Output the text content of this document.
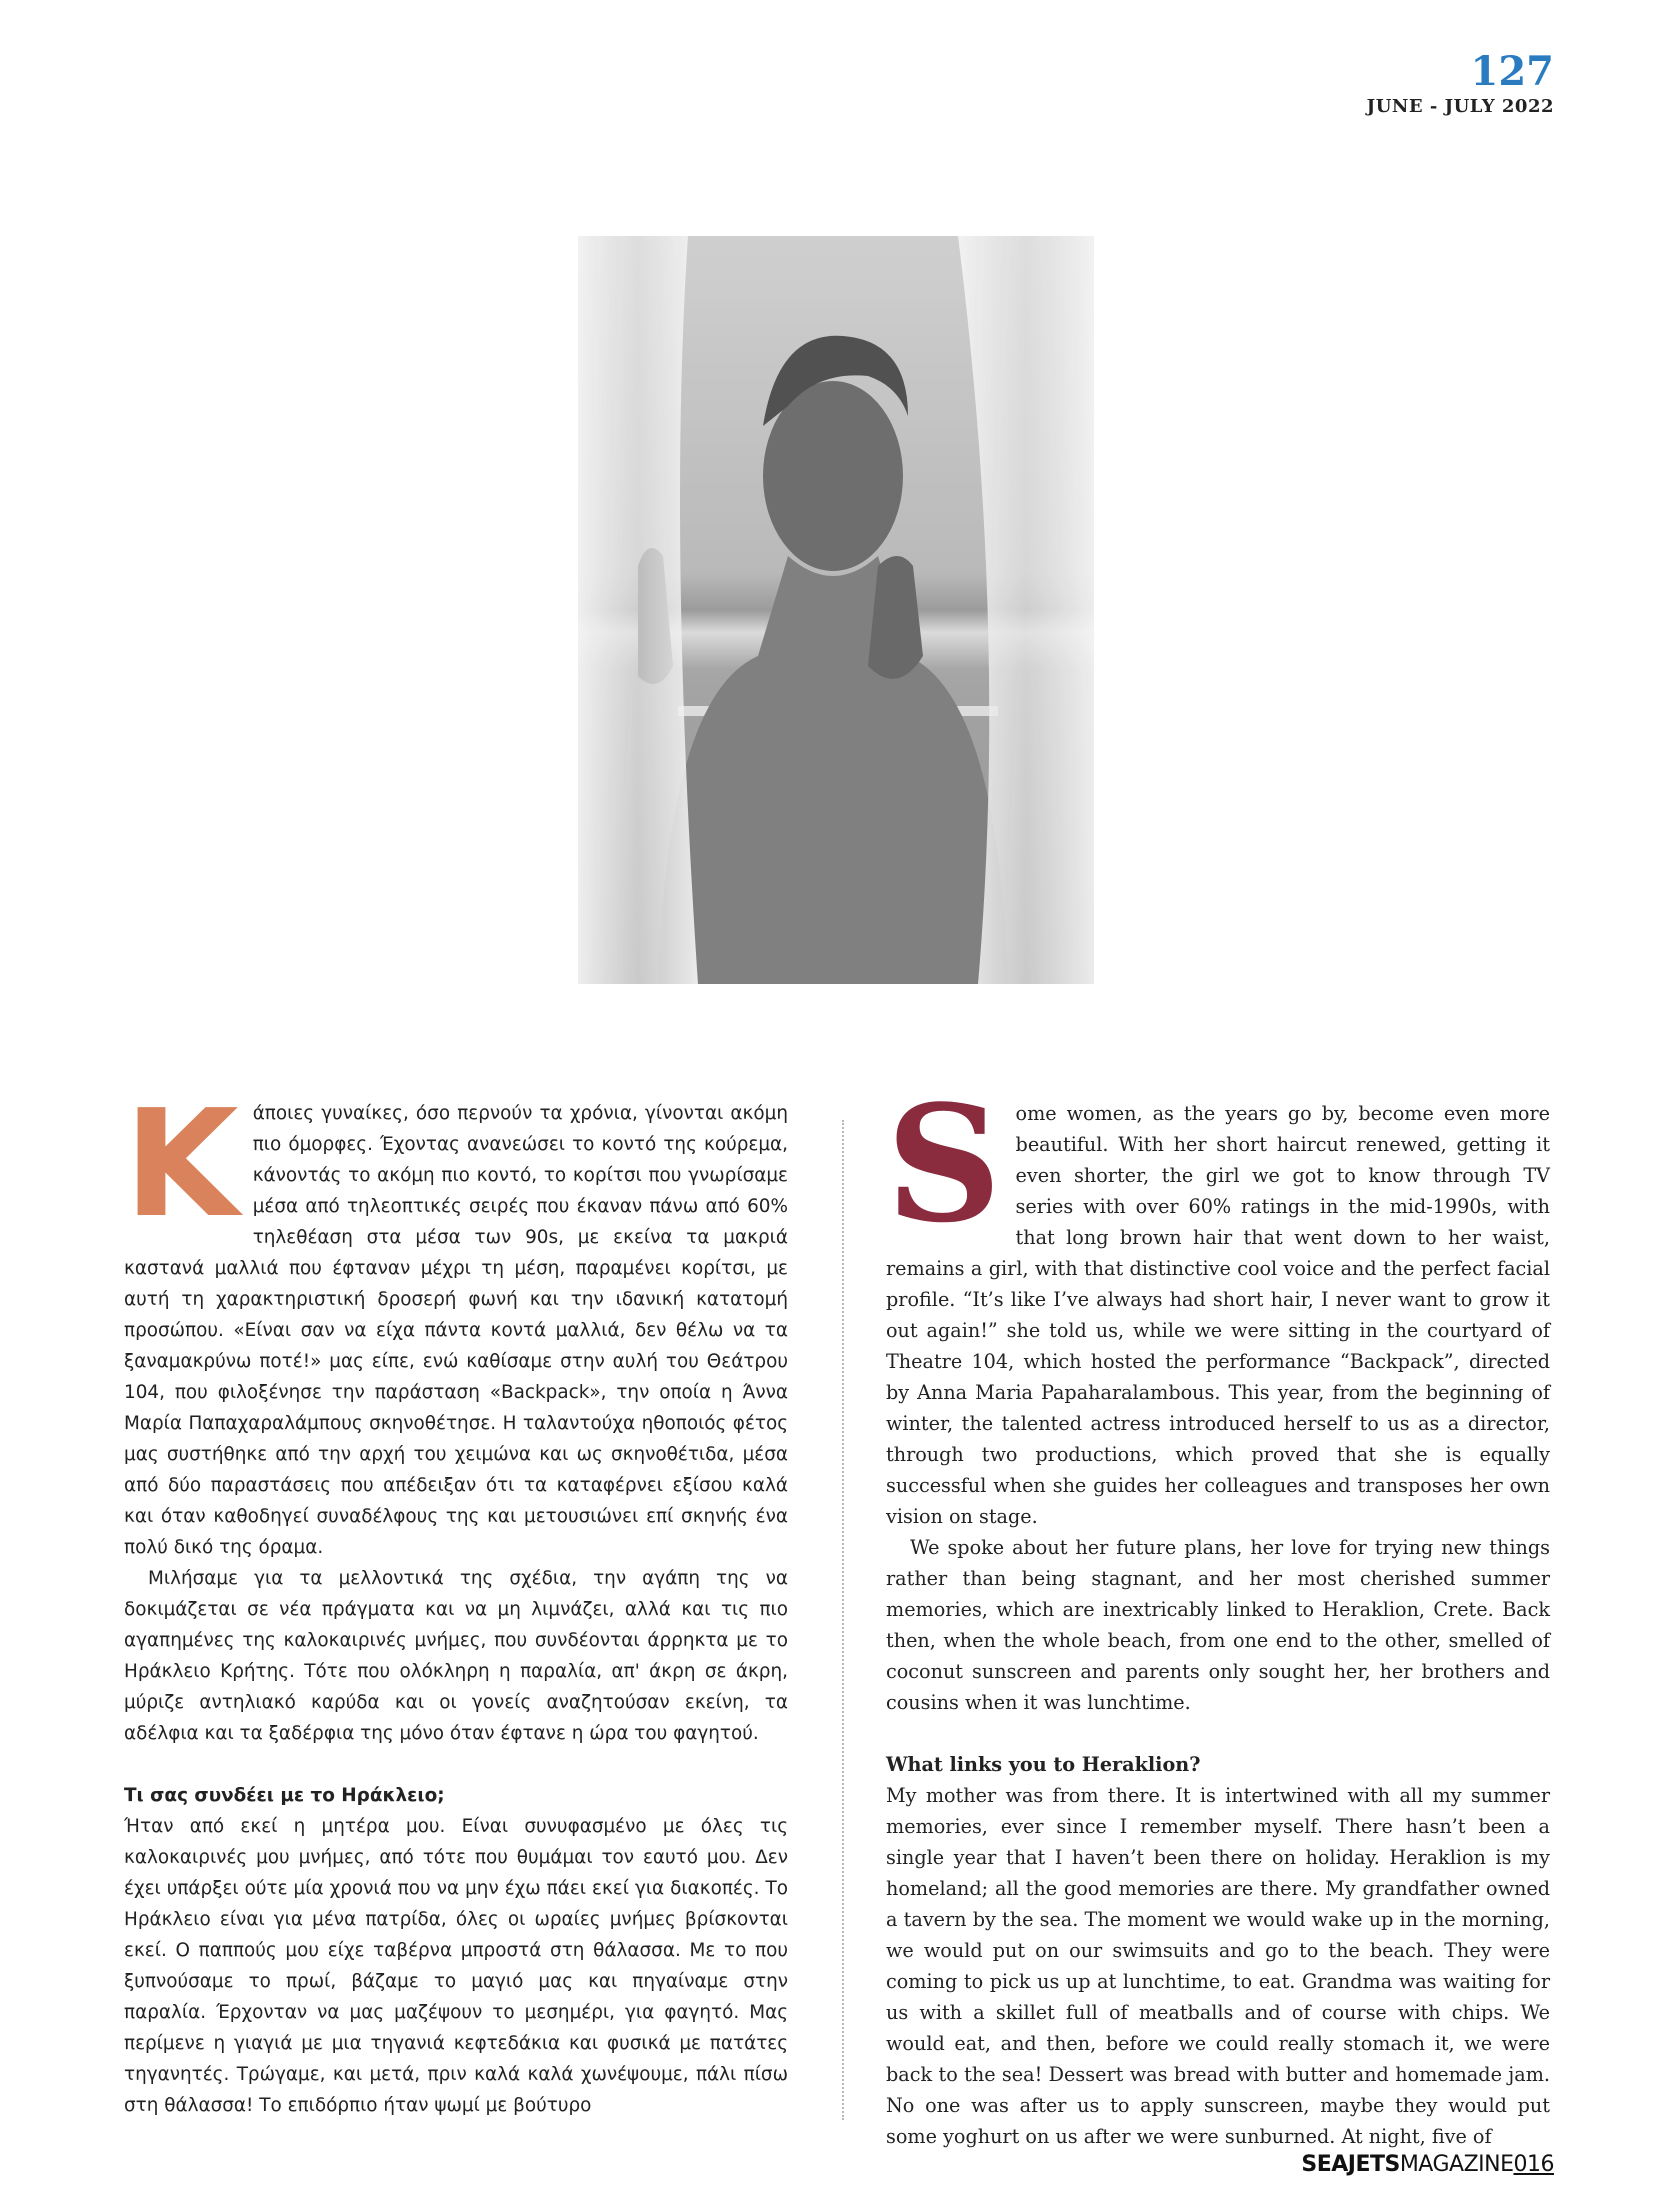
127
JUNE - JULY 2022

Κάποιες γυναίκες, όσο περνούν τα χρόνια, γίνονται ακόμη πιο όμορφες. Έχοντας ανανεώσει το κοντό της κούρεμα, κάνοντάς το ακόμη πιο κοντό, το κορίτσι που γνωρίσαμε μέσα από τηλεοπτικές σειρές που έκαναν πάνω από 60% τηλεθέαση στα μέσα των 90s, με εκείνα τα μακριά καστανά μαλλιά που έφταναν μέχρι τη μέση, παραμένει κορίτσι, με αυτή τη χαρακτηριστική δροσερή φωνή και την ιδανική κατατομή προσώπου. «Είναι σαν να είχα πάντα κοντά μαλλιά, δεν θέλω να τα ξαναμακρύνω ποτέ!» μας είπε, ενώ καθίσαμε στην αυλή του Θεάτρου 104, που φιλοξένησε την παράσταση «Backpack», την οποία η Άννα Μαρία Παπαχαραλάμπους σκηνοθέτησε. Η ταλαντούχα ηθοποιός φέτος μας συστήθηκε από την αρχή του χειμώνα και ως σκηνοθέτιδα, μέσα από δύο παραστάσεις που απέδειξαν ότι τα καταφέρνει εξίσου καλά και όταν καθοδηγεί συναδέλφους της και μετουσιώνει επί σκηνής ένα πολύ δικό της όραμα.

Μιλήσαμε για τα μελλοντικά της σχέδια, την αγάπη της να δοκιμάζεται σε νέα πράγματα και να μη λιμνάζει, αλλά και τις πιο αγαπημένες της καλοκαιρινές μνήμες, που συνδέονται άρρηκτα με το Ηράκλειο Κρήτης. Τότε που ολόκληρη η παραλία, απ' άκρη σε άκρη, μύριζε αντηλιακό καρύδα και οι γονείς αναζητούσαν εκείνη, τα αδέλφια και τα ξαδέρφια της μόνο όταν έφτανε η ώρα του φαγητού.

Τι σας συνδέει με το Ηράκλειο;

Ήταν από εκεί η μητέρα μου. Είναι συνυφασμένο με όλες τις καλοκαιρινές μου μνήμες, από τότε που θυμάμαι τον εαυτό μου. Δεν έχει υπάρξει ούτε μία χρονιά που να μην έχω πάει εκεί για διακοπές. Το Ηράκλειο είναι για μένα πατρίδα, όλες οι ωραίες μνήμες βρίσκονται εκεί. Ο παππούς μου είχε ταβέρνα μπροστά στη θάλασσα. Με το που ξυπνούσαμε το πρωί, βάζαμε το μαγιό μας και πηγαίναμε στην παραλία. Έρχονταν να μας μαζέψουν το μεσημέρι, για φαγητό. Μας περίμενε η γιαγιά με μια τηγανιά κεφτεδάκια και φυσικά με πατάτες τηγανητές. Τρώγαμε, και μετά, πριν καλά καλά χωνέψουμε, πάλι πίσω στη θάλασσα! Το επιδόρπιο ήταν ψωμί με βούτυρο

Some women, as the years go by, become even more beautiful. With her short haircut renewed, getting it even shorter, the girl we got to know through TV series with over 60% ratings in the mid-1990s, with that long brown hair that went down to her waist, remains a girl, with that distinctive cool voice and the perfect facial profile. “It’s like I’ve always had short hair, I never want to grow it out again!” she told us, while we were sitting in the courtyard of Theatre 104, which hosted the performance “Backpack”, directed by Anna Maria Papaharalambous. This year, from the beginning of winter, the talented actress introduced herself to us as a director, through two productions, which proved that she is equally successful when she guides her colleagues and transposes her own vision on stage.

We spoke about her future plans, her love for trying new things rather than being stagnant, and her most cherished summer memories, which are inextricably linked to Heraklion, Crete. Back then, when the whole beach, from one end to the other, smelled of coconut sunscreen and parents only sought her, her brothers and cousins when it was lunchtime.

What links you to Heraklion?

My mother was from there. It is intertwined with all my summer memories, ever since I remember myself. There hasn’t been a single year that I haven’t been there on holiday. Heraklion is my homeland; all the good memories are there. My grandfather owned a tavern by the sea. The moment we would wake up in the morning, we would put on our swimsuits and go to the beach. They were coming to pick us up at lunchtime, to eat. Grandma was waiting for us with a skillet full of meatballs and of course with chips. We would eat, and then, before we could really stomach it, we were back to the sea! Dessert was bread with butter and homemade jam. No one was after us to apply sunscreen, maybe they would put some yoghurt on us after we were sunburned. At night, five of

SEAJETSMAGAZINE016
